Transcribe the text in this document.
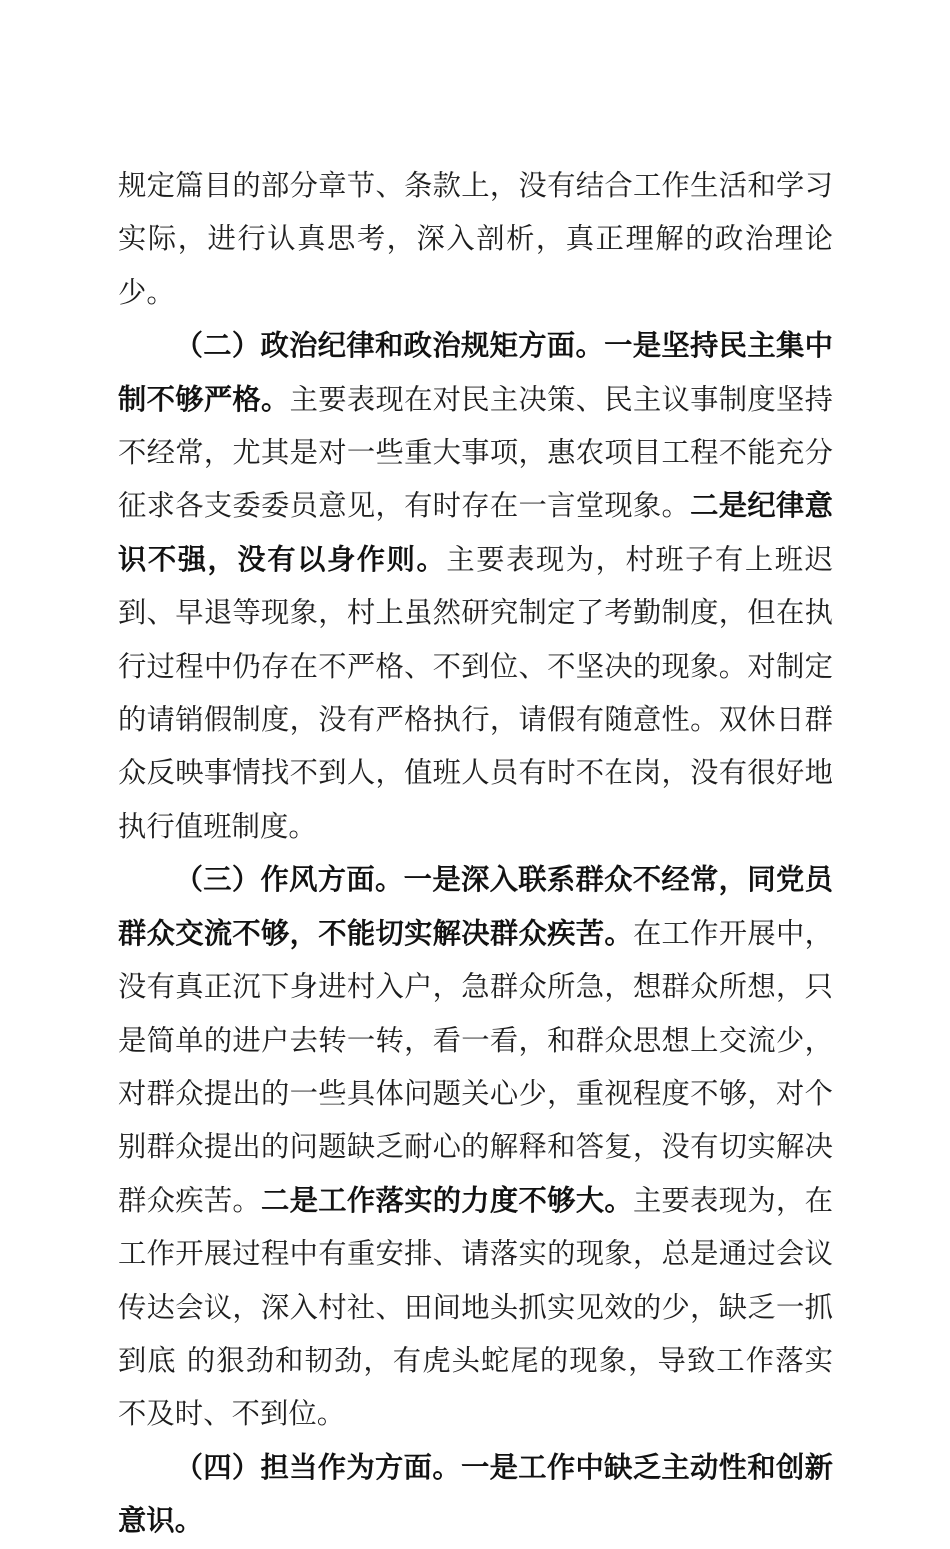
规定篇目的部分章节、条款上，没有结合工作生活和学习实际，进行认真思考，深入剖析，真正理解的政治理论少。

（二）政治纪律和政治规矩方面。一是坚持民主集中制不够严格。主要表现在对民主决策、民主议事制度坚持不经常，尤其是对一些重大事项，惠农项目工程不能充分征求各支委委员意见，有时存在一言堂现象。二是纪律意识不强，没有以身作则。主要表现为，村班子有上班迟到、早退等现象，村上虽然研究制定了考勤制度，但在执行过程中仍存在不严格、不到位、不坚决的现象。对制定的请销假制度，没有严格执行，请假有随意性。双休日群众反映事情找不到人，值班人员有时不在岗，没有很好地执行值班制度。

（三）作风方面。一是深入联系群众不经常，同党员群众交流不够，不能切实解决群众疾苦。在工作开展中，没有真正沉下身进村入户，急群众所急，想群众所想，只是简单的进户去转一转，看一看，和群众思想上交流少，对群众提出的一些具体问题关心少，重视程度不够，对个别群众提出的问题缺乏耐心的解释和答复，没有切实解决群众疾苦。二是工作落实的力度不够大。主要表现为，在工作开展过程中有重安排、请落实的现象，总是通过会议传达会议，深入村社、田间地头抓实见效的少，缺乏一抓到底 的狠劲和韧劲，有虎头蛇尾的现象，导致工作落实不及时、不到位。

（四）担当作为方面。一是工作中缺乏主动性和创新意识。
